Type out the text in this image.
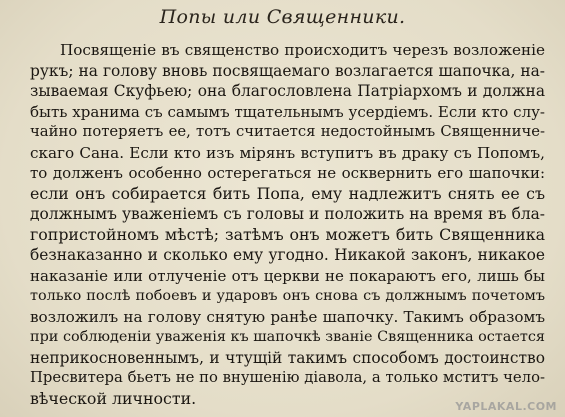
Попы или Священники.
Посвященіе въ священство происходитъ черезъ возложеніе
рукъ; на голову вновь посвящаемаго возлагается шапочка, на-
зываемая Скуфьею; она благословлена Патріархомъ и должна
быть хранима съ самымъ тщательнымъ усердіемъ. Если кто слу-
чайно потеряетъ ее, тотъ считается недостойнымъ Священниче-
скаго Сана. Если кто изъ мірянъ вступитъ въ драку съ Попомъ,
то долженъ особенно остерегаться не осквернить его шапочки:
если онъ собирается бить Попа, ему надлежитъ снять ее съ
должнымъ уваженіемъ съ головы и положить на время въ бла-
гопристойномъ мѣстѣ; затѣмъ онъ можетъ бить Священника
безнаказанно и сколько ему угодно. Никакой законъ, никакое
наказаніе или отлученіе отъ церкви не покараютъ его, лишь бы
только послѣ побоевъ и ударовъ онъ снова съ должнымъ почетомъ
возложилъ на голову снятую ранѣе шапочку. Такимъ образомъ
при соблюденіи уваженія къ шапочкѣ званіе Священника остается
неприкосновеннымъ, и чтущій такимъ способомъ достоинство
Пресвитера бьетъ не по внушенію діавола, а только мститъ чело-
вѣческой личности.	YAPLAKAL.COM
